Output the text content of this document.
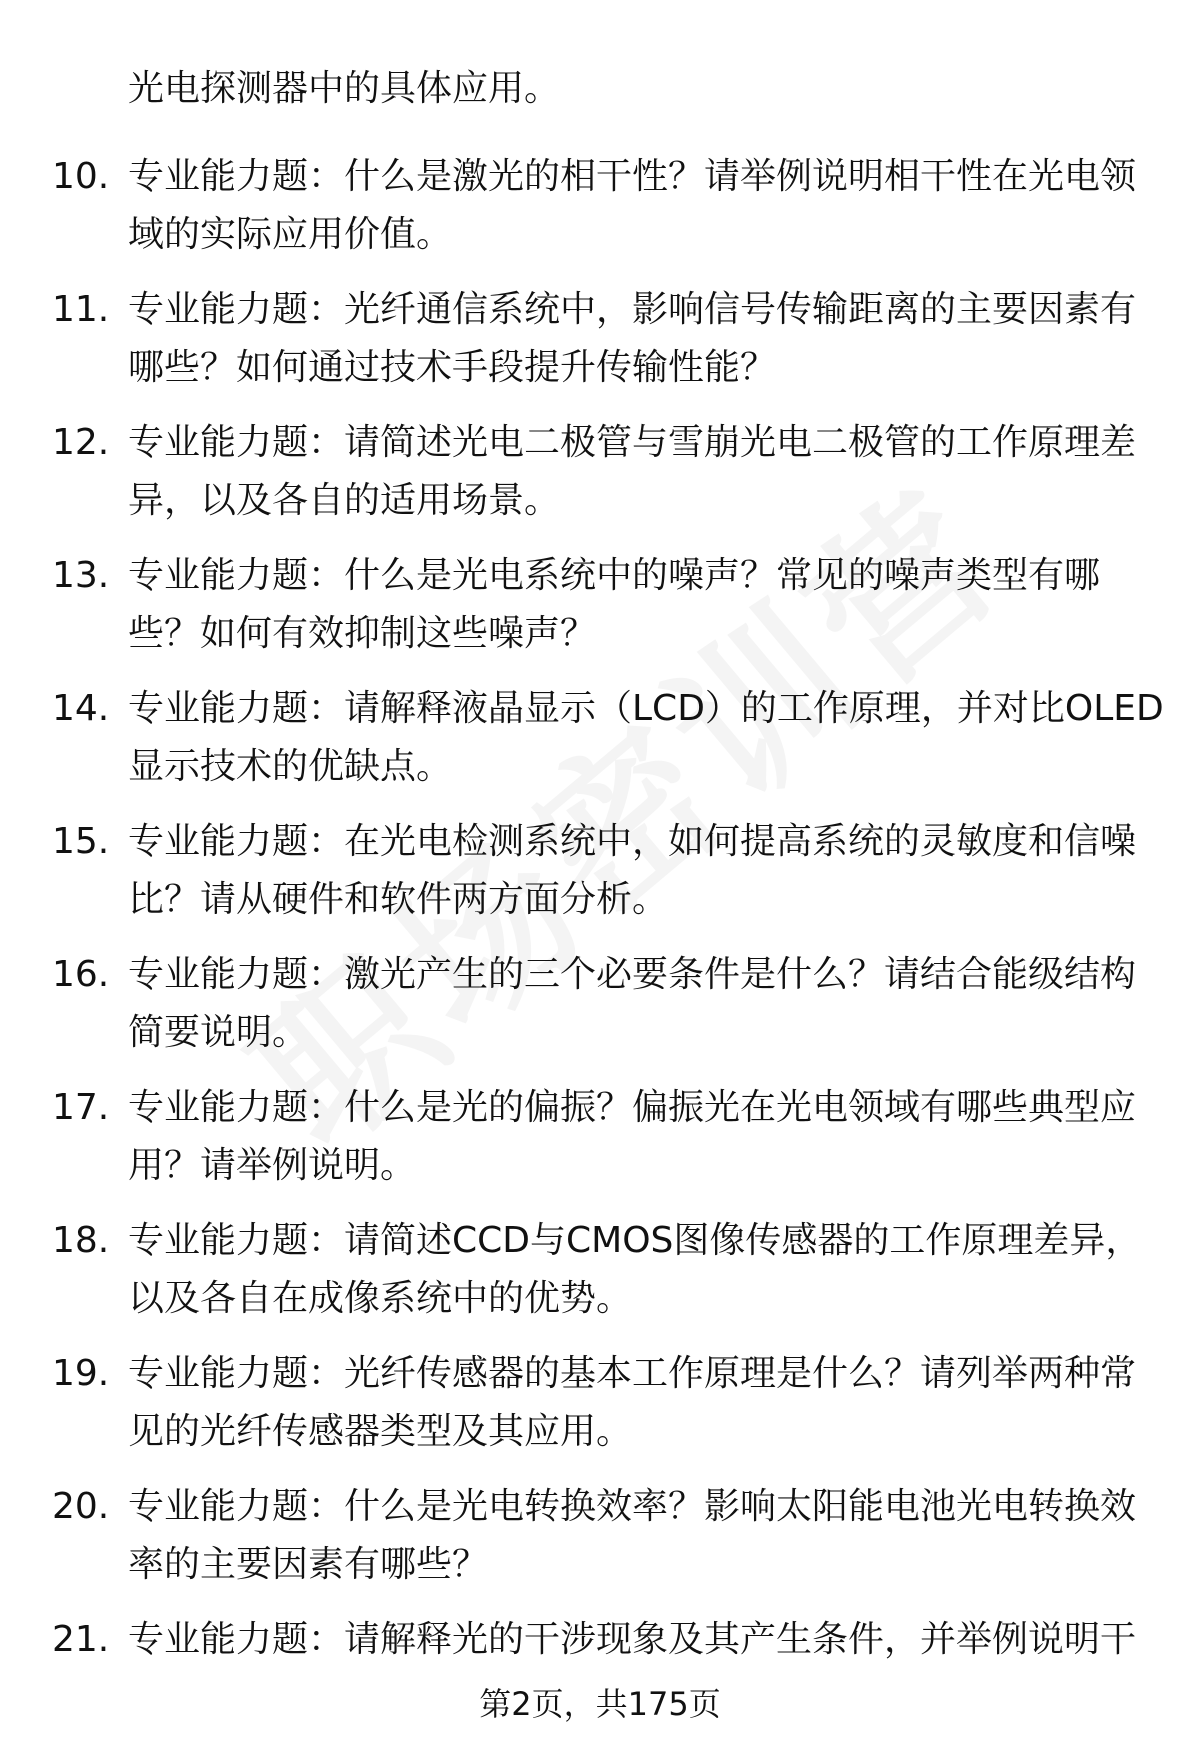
光电探测器中的具体应用。
10. 专业能力题：什么是激光的相干性？请举例说明相干性在光电领
域的实际应用价值。
11. 专业能力题：光纤通信系统中，影响信号传输距离的主要因素有
哪些？如何通过技术手段提升传输性能？
12. 专业能力题：请简述光电二极管与雪崩光电二极管的工作原理差
异，以及各自的适用场景。
13. 专业能力题：什么是光电系统中的噪声？常见的噪声类型有哪
些？如何有效抑制这些噪声？
14. 专业能力题：请解释液晶显示（LCD）的工作原理，并对比OLED
显示技术的优缺点。
15. 专业能力题：在光电检测系统中，如何提高系统的灵敏度和信噪
比？请从硬件和软件两方面分析。
16. 专业能力题：激光产生的三个必要条件是什么？请结合能级结构
简要说明。
17. 专业能力题：什么是光的偏振？偏振光在光电领域有哪些典型应
用？请举例说明。
18. 专业能力题：请简述CCD与CMOS图像传感器的工作原理差异，
以及各自在成像系统中的优势。
19. 专业能力题：光纤传感器的基本工作原理是什么？请列举两种常
见的光纤传感器类型及其应用。
20. 专业能力题：什么是光电转换效率？影响太阳能电池光电转换效
率的主要因素有哪些？
21. 专业能力题：请解释光的干涉现象及其产生条件，并举例说明干
第2页，共175页
